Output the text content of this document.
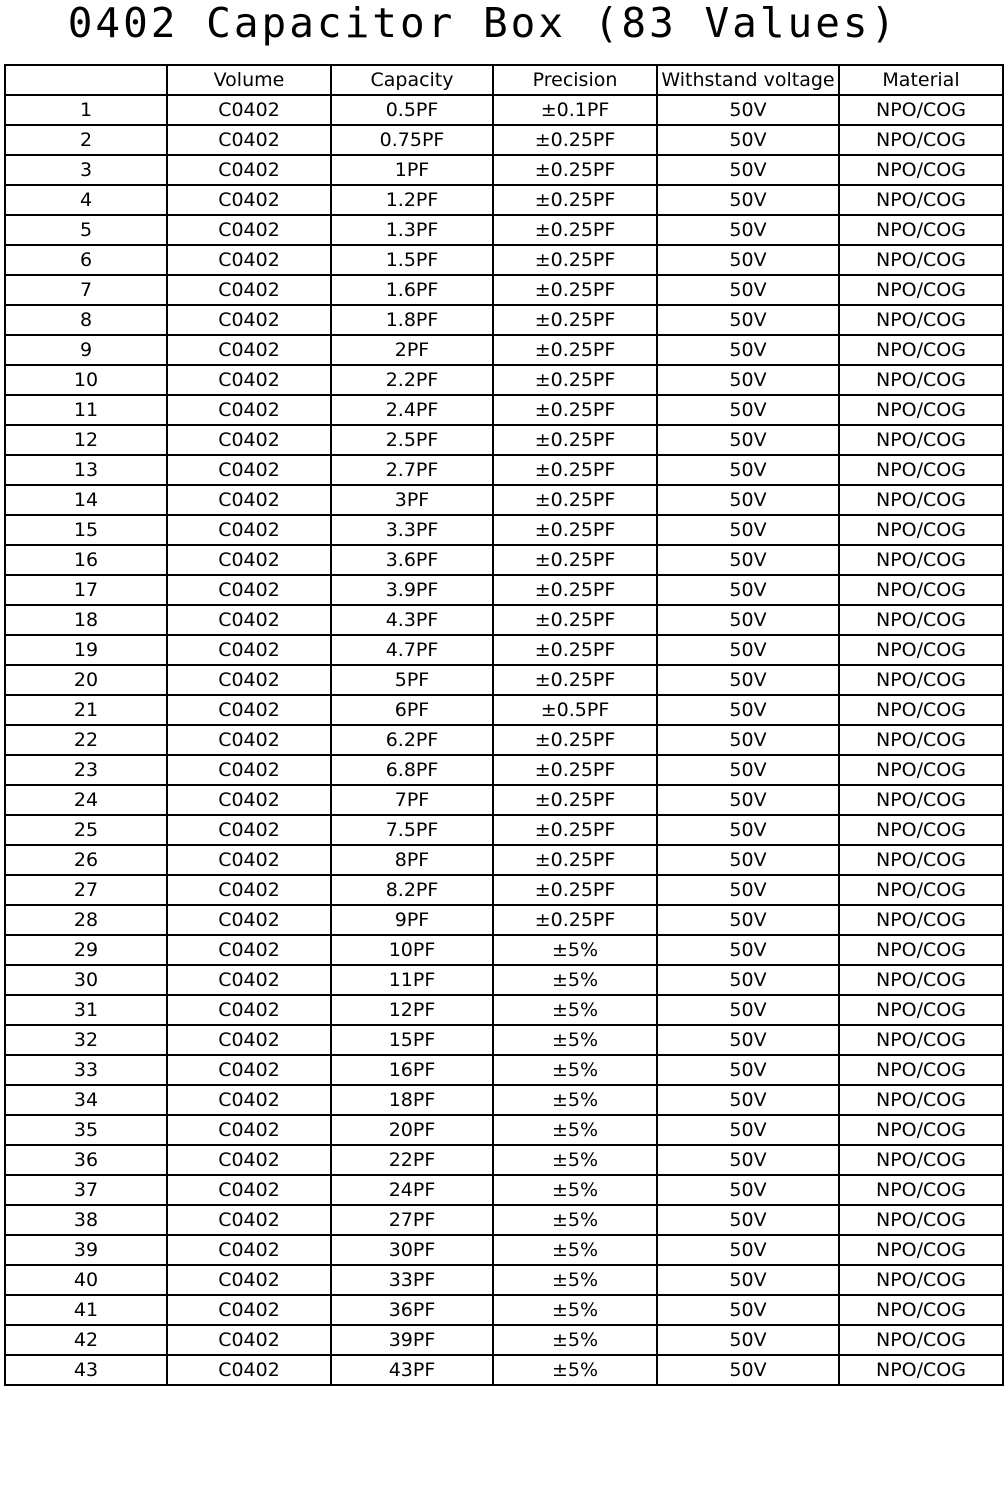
0402 Capacitor Box (83 Values)
	Volume	Capacity	Precision	Withstand voltage	Material
1	C0402	0.5PF	±0.1PF	50V	NPO/COG
2	C0402	0.75PF	±0.25PF	50V	NPO/COG
3	C0402	1PF	±0.25PF	50V	NPO/COG
4	C0402	1.2PF	±0.25PF	50V	NPO/COG
5	C0402	1.3PF	±0.25PF	50V	NPO/COG
6	C0402	1.5PF	±0.25PF	50V	NPO/COG
7	C0402	1.6PF	±0.25PF	50V	NPO/COG
8	C0402	1.8PF	±0.25PF	50V	NPO/COG
9	C0402	2PF	±0.25PF	50V	NPO/COG
10	C0402	2.2PF	±0.25PF	50V	NPO/COG
11	C0402	2.4PF	±0.25PF	50V	NPO/COG
12	C0402	2.5PF	±0.25PF	50V	NPO/COG
13	C0402	2.7PF	±0.25PF	50V	NPO/COG
14	C0402	3PF	±0.25PF	50V	NPO/COG
15	C0402	3.3PF	±0.25PF	50V	NPO/COG
16	C0402	3.6PF	±0.25PF	50V	NPO/COG
17	C0402	3.9PF	±0.25PF	50V	NPO/COG
18	C0402	4.3PF	±0.25PF	50V	NPO/COG
19	C0402	4.7PF	±0.25PF	50V	NPO/COG
20	C0402	5PF	±0.25PF	50V	NPO/COG
21	C0402	6PF	±0.5PF	50V	NPO/COG
22	C0402	6.2PF	±0.25PF	50V	NPO/COG
23	C0402	6.8PF	±0.25PF	50V	NPO/COG
24	C0402	7PF	±0.25PF	50V	NPO/COG
25	C0402	7.5PF	±0.25PF	50V	NPO/COG
26	C0402	8PF	±0.25PF	50V	NPO/COG
27	C0402	8.2PF	±0.25PF	50V	NPO/COG
28	C0402	9PF	±0.25PF	50V	NPO/COG
29	C0402	10PF	±5%	50V	NPO/COG
30	C0402	11PF	±5%	50V	NPO/COG
31	C0402	12PF	±5%	50V	NPO/COG
32	C0402	15PF	±5%	50V	NPO/COG
33	C0402	16PF	±5%	50V	NPO/COG
34	C0402	18PF	±5%	50V	NPO/COG
35	C0402	20PF	±5%	50V	NPO/COG
36	C0402	22PF	±5%	50V	NPO/COG
37	C0402	24PF	±5%	50V	NPO/COG
38	C0402	27PF	±5%	50V	NPO/COG
39	C0402	30PF	±5%	50V	NPO/COG
40	C0402	33PF	±5%	50V	NPO/COG
41	C0402	36PF	±5%	50V	NPO/COG
42	C0402	39PF	±5%	50V	NPO/COG
43	C0402	43PF	±5%	50V	NPO/COG
